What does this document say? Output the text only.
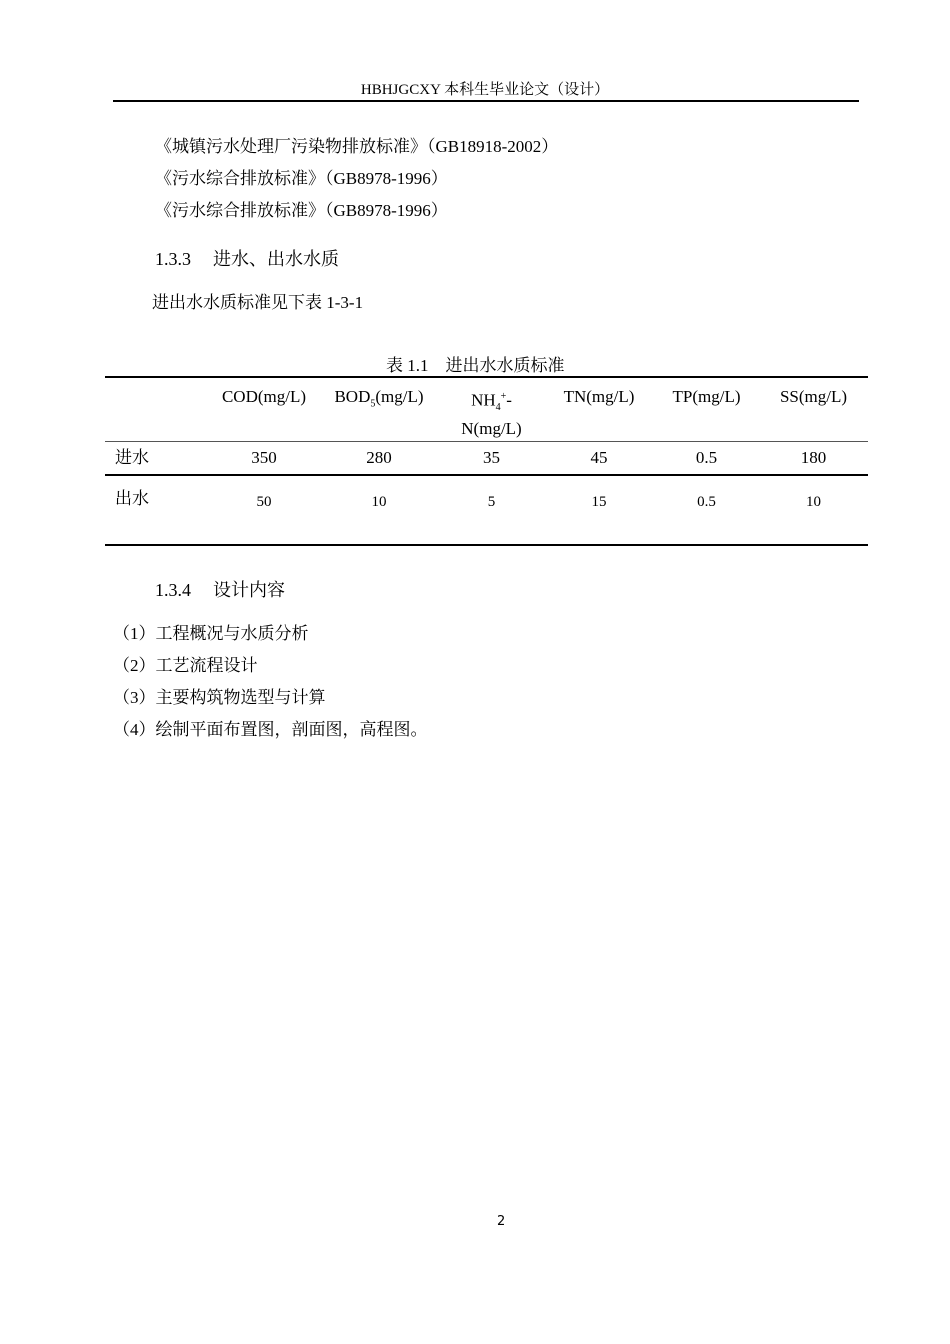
HBHJGCXY 本科生毕业论文（设计）
《城镇污水处理厂污染物排放标准》（GB18918-2002）
《污水综合排放标准》（GB8978-1996）
《污水综合排放标准》（GB8978-1996）
1.3.3 进水、出水水质
进出水水质标准见下表 1-3-1
表 1.1　进出水水质标准
	COD(mg/L)	$BOD_5(mg/L)$	$NH_4^+-$
N(mg/L)	TN(mg/L)	TP(mg/L)	SS(mg/L)
进水	350	280	35	45	0.5	180
出水	50	10	5	15	0.5	10
1.3.4 设计内容
（1）工程概况与水质分析
（2）工艺流程设计
（3）主要构筑物选型与计算
（4）绘制平面布置图，剖面图，高程图。
2
